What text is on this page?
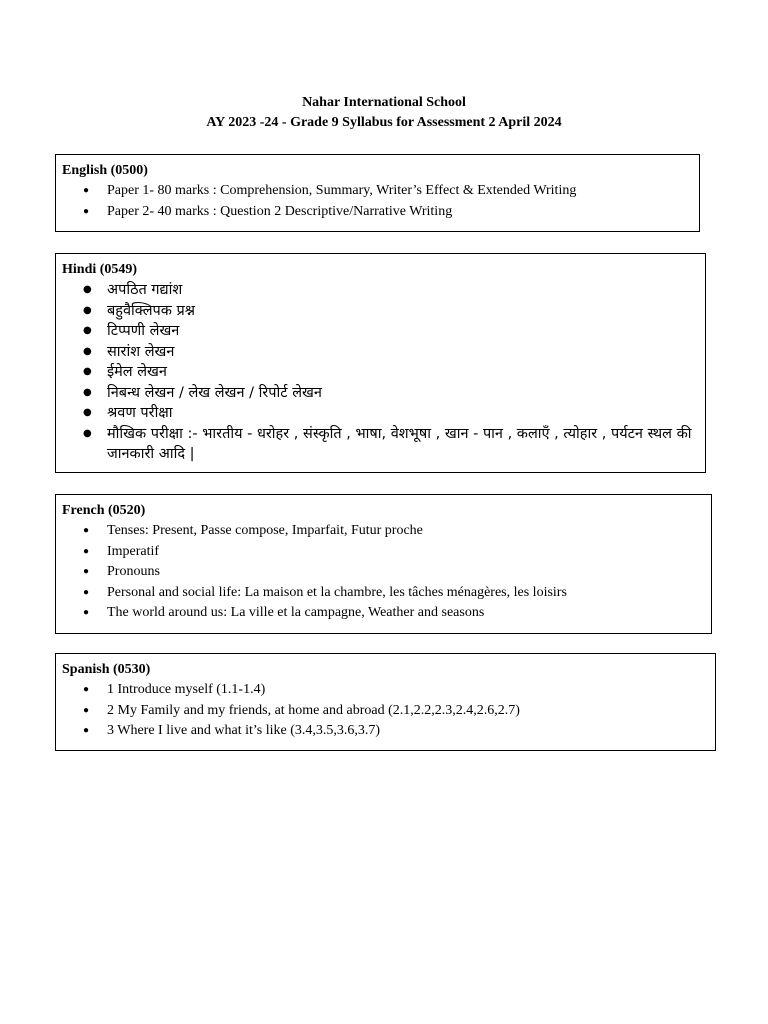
Nahar International School
AY 2023 -24 - Grade 9 Syllabus for Assessment 2 April 2024
English (0500)
● Paper 1- 80 marks : Comprehension, Summary, Writer’s Effect & Extended Writing
● Paper 2- 40 marks : Question 2 Descriptive/Narrative Writing
Hindi (0549)
● अपठित गद्यांश
● बहुवैक्लिपक प्रश्न
● टिप्पणी लेखन
● सारांश लेखन
● ईमेल लेखन
● निबन्ध लेखन / लेख लेखन / रिपोर्ट लेखन
● श्रवण परीक्षा
● मौखिक परीक्षा :- भारतीय - धरोहर , संस्कृति , भाषा, वेशभूषा , खान - पान , कलाएँ , त्योहार , पर्यटन स्थल की जानकारी आदि |
French (0520)
● Tenses: Present, Passe compose, Imparfait, Futur proche
● Imperatif
● Pronouns
● Personal and social life: La maison et la chambre, les tâches ménagères, les loisirs
● The world around us: La ville et la campagne, Weather and seasons
Spanish (0530)
● 1 Introduce myself (1.1-1.4)
● 2 My Family and my friends, at home and abroad (2.1,2.2,2.3,2.4,2.6,2.7)
● 3 Where I live and what it’s like (3.4,3.5,3.6,3.7)
